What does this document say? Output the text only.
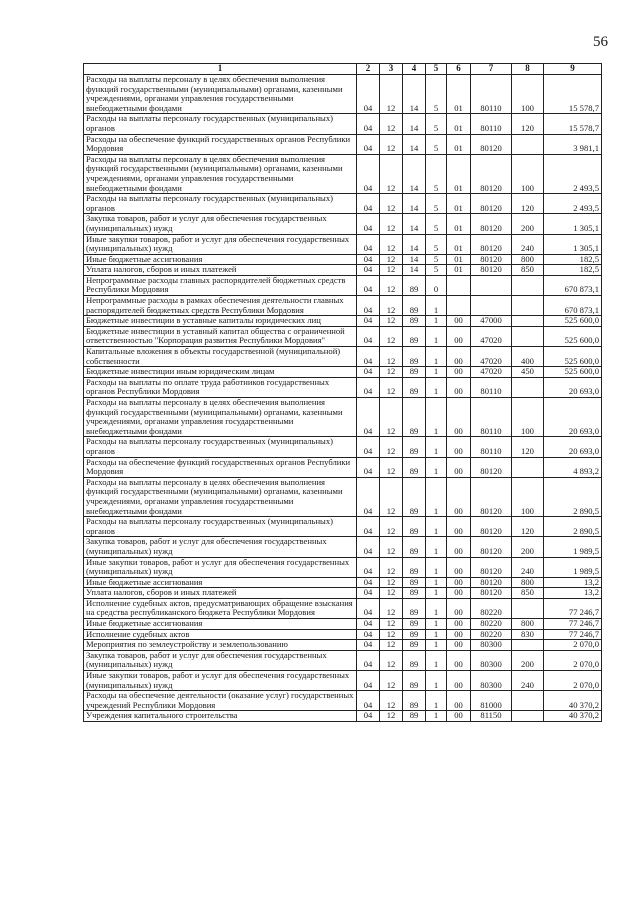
56
1	2	3	4	5	6	7	8	9
Расходы на выплаты персоналу в целях обеспечения выполнения функций государственными (муниципальными) органами, казенными учреждениями, органами управления государственными внебюджетными фондами	04	12	14	5	01	80110	100	15 578,7
Расходы на выплаты персоналу государственных (муниципальных) органов	04	12	14	5	01	80110	120	15 578,7
Расходы на обеспечение функций государственных органов Республики Мордовия	04	12	14	5	01	80120		3 981,1
Расходы на выплаты персоналу в целях обеспечения выполнения функций государственными (муниципальными) органами, казенными учреждениями, органами управления государственными внебюджетными фондами	04	12	14	5	01	80120	100	2 493,5
Расходы на выплаты персоналу государственных (муниципальных) органов	04	12	14	5	01	80120	120	2 493,5
Закупка товаров, работ и услуг для обеспечения государственных (муниципальных) нужд	04	12	14	5	01	80120	200	1 305,1
Иные закупки товаров, работ и услуг для обеспечения государственных (муниципальных) нужд	04	12	14	5	01	80120	240	1 305,1
Иные бюджетные ассигнования	04	12	14	5	01	80120	800	182,5
Уплата налогов, сборов и иных платежей	04	12	14	5	01	80120	850	182,5
Непрограммные расходы главных распорядителей бюджетных средств Республики Мордовия	04	12	89	0				670 873,1
Непрограммные расходы в рамках обеспечения деятельности главных распорядителей бюджетных средств Республики Мордовия	04	12	89	1				670 873,1
Бюджетные инвестиции в уставные капиталы юридических лиц	04	12	89	1	00	47000		525 600,0
Бюджетные инвестиции в уставный капитал общества с ограниченной ответственностью "Корпорация развития Республики Мордовия"	04	12	89	1	00	47020		525 600,0
Капитальные вложения в объекты государственной (муниципальной) собственности	04	12	89	1	00	47020	400	525 600,0
Бюджетные инвестиции иным юридическим лицам	04	12	89	1	00	47020	450	525 600,0
Расходы на выплаты по оплате труда работников государственных органов Республики Мордовия	04	12	89	1	00	80110		20 693,0
Расходы на выплаты персоналу в целях обеспечения выполнения функций государственными (муниципальными) органами, казенными учреждениями, органами управления государственными внебюджетными фондами	04	12	89	1	00	80110	100	20 693,0
Расходы на выплаты персоналу государственных (муниципальных) органов	04	12	89	1	00	80110	120	20 693,0
Расходы на обеспечение функций государственных органов Республики Мордовия	04	12	89	1	00	80120		4 893,2
Расходы на выплаты персоналу в целях обеспечения выполнения функций государственными (муниципальными) органами, казенными учреждениями, органами управления государственными внебюджетными фондами	04	12	89	1	00	80120	100	2 890,5
Расходы на выплаты персоналу государственных (муниципальных) органов	04	12	89	1	00	80120	120	2 890,5
Закупка товаров, работ и услуг для обеспечения государственных (муниципальных) нужд	04	12	89	1	00	80120	200	1 989,5
Иные закупки товаров, работ и услуг для обеспечения государственных (муниципальных) нужд	04	12	89	1	00	80120	240	1 989,5
Иные бюджетные ассигнования	04	12	89	1	00	80120	800	13,2
Уплата налогов, сборов и иных платежей	04	12	89	1	00	80120	850	13,2
Исполнение судебных актов, предусматривающих обращение взыскания на средства республиканского бюджета Республики Мордовия	04	12	89	1	00	80220		77 246,7
Иные бюджетные ассигнования	04	12	89	1	00	80220	800	77 246,7
Исполнение судебных актов	04	12	89	1	00	80220	830	77 246,7
Мероприятия по землеустройству и землепользованию	04	12	89	1	00	80300		2 070,0
Закупка товаров, работ и услуг для обеспечения государственных (муниципальных) нужд	04	12	89	1	00	80300	200	2 070,0
Иные закупки товаров, работ и услуг для обеспечения государственных (муниципальных) нужд	04	12	89	1	00	80300	240	2 070,0
Расходы на обеспечение деятельности (оказание услуг) государственных учреждений Республики Мордовия	04	12	89	1	00	81000		40 370,2
Учреждения капитального строительства	04	12	89	1	00	81150		40 370,2
